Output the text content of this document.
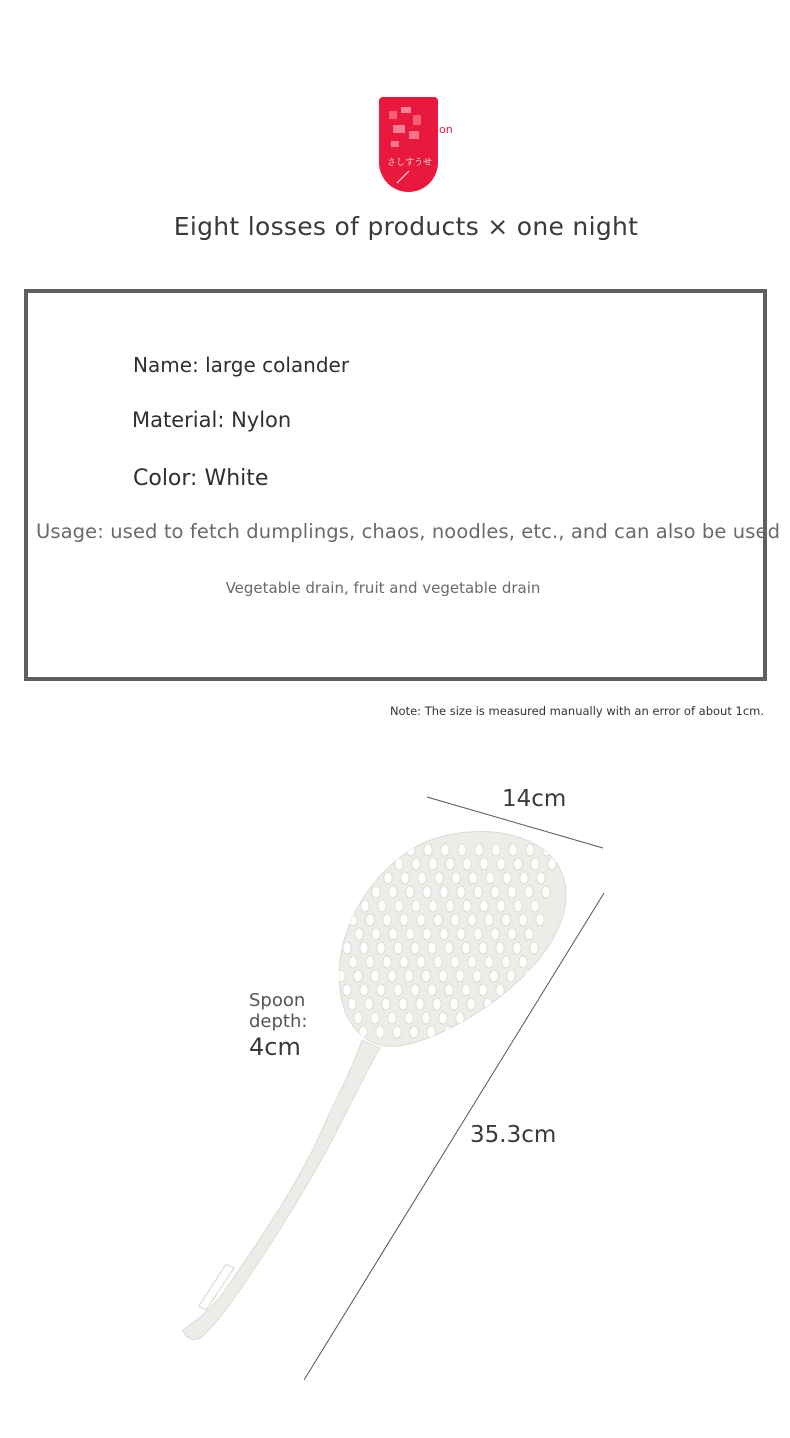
さしすうせ
on
Eight losses of products × one night
Name: large colander
Material: Nylon
Color: White
Usage: used to fetch dumplings, chaos, noodles, etc., and can also be used
Vegetable drain, fruit and vegetable drain
Note: The size is measured manually with an error of about 1cm.
14cm
35.3cm
Spoon
depth:
4cm
